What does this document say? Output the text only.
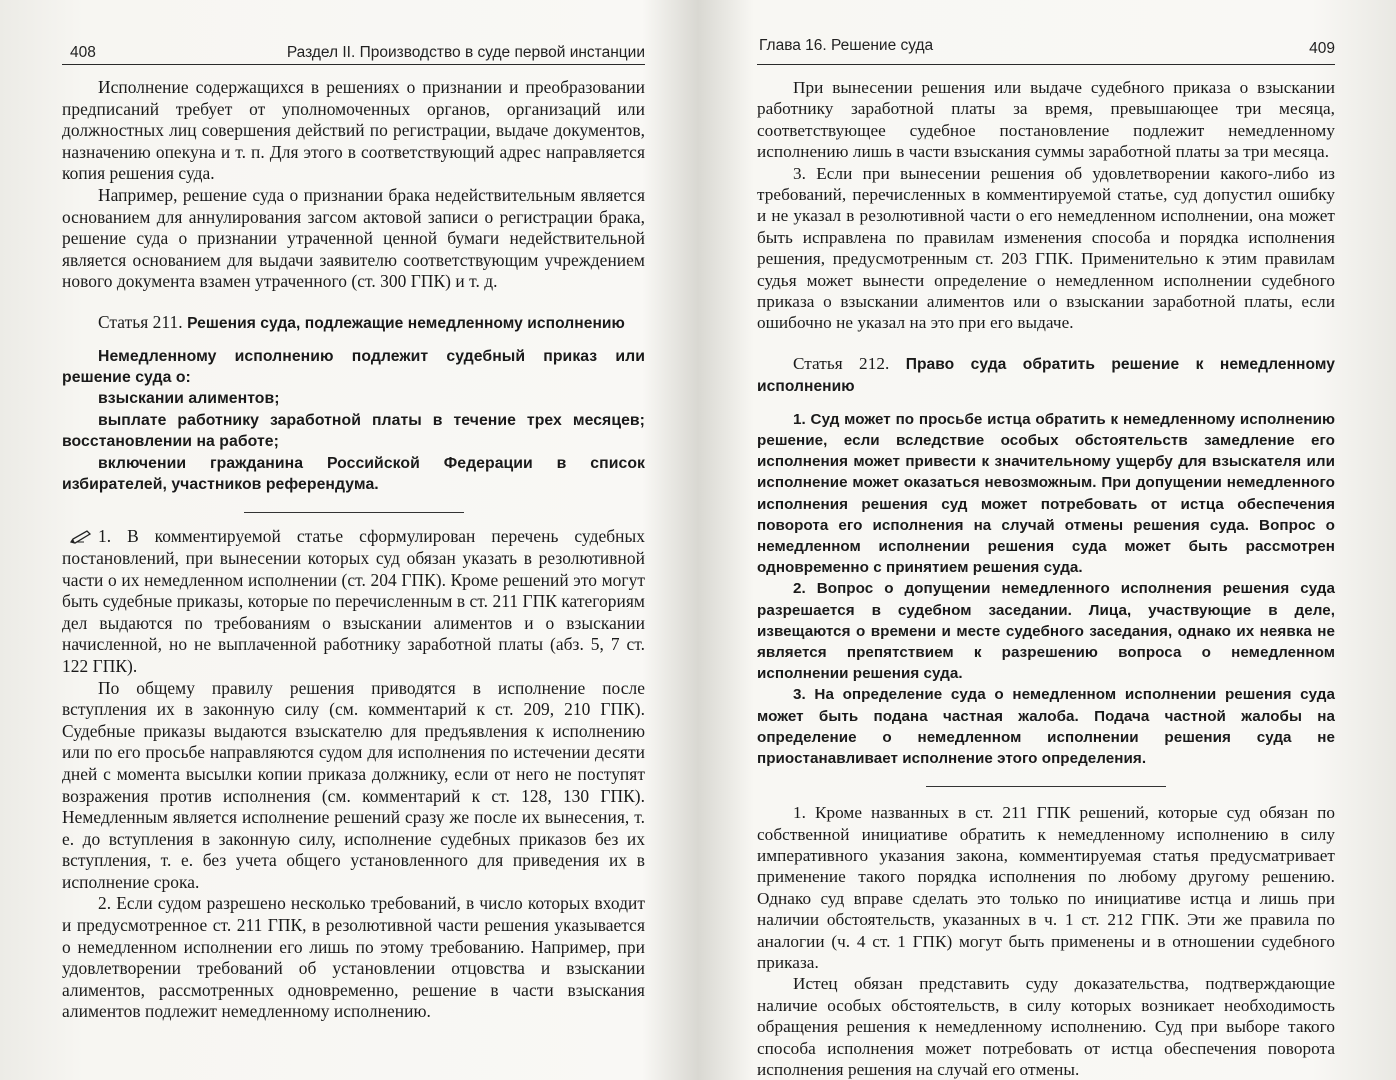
408	Раздел II. Производство в суде первой инстанции

Исполнение содержащихся в решениях о признании и преобразовании предписаний требует от уполномоченных органов, организаций или должностных лиц совершения действий по регистрации, выдаче документов, назначению опекуна и т. п. Для этого в соответствующий адрес направляется копия решения суда.

Например, решение суда о признании брака недействительным является основанием для аннулирования загсом актовой записи о регистрации брака, решение суда о признании утраченной ценной бумаги недействительной является основанием для выдачи заявителю соответствующим учреждением нового документа взамен утраченного (ст. 300 ГПК) и т. д.

Статья 211. Решения суда, подлежащие немедленному исполнению

Немедленному исполнению подлежит судебный приказ или решение суда о:

взыскании алиментов;

выплате работнику заработной платы в течение трех месяцев; восстановлении на работе;

включении гражданина Российской Федерации в список избирателей, участников референдума.

1. В комментируемой статье сформулирован перечень судебных постановлений, при вынесении которых суд обязан указать в резолютивной части о их немедленном исполнении (ст. 204 ГПК). Кроме решений это могут быть судебные приказы, которые по перечисленным в ст. 211 ГПК категориям дел выдаются по требованиям о взыскании алиментов и о взыскании начисленной, но не выплаченной работнику заработной платы (абз. 5, 7 ст. 122 ГПК).

По общему правилу решения приводятся в исполнение после вступления их в законную силу (см. комментарий к ст. 209, 210 ГПК). Судебные приказы выдаются взыскателю для предъявления к исполнению или по его просьбе направляются судом для исполнения по истечении десяти дней с момента высылки копии приказа должнику, если от него не поступят возражения против исполнения (см. комментарий к ст. 128, 130 ГПК). Немедленным является исполнение решений сразу же после их вынесения, т. е. до вступления в законную силу, исполнение судебных приказов без их вступления, т. е. без учета общего установленного для приведения их в исполнение срока.

2. Если судом разрешено несколько требований, в число которых входит и предусмотренное ст. 211 ГПК, в резолютивной части решения указывается о немедленном исполнении его лишь по этому требованию. Например, при удовлетворении требований об установлении отцовства и взыскании алиментов, рассмотренных одновременно, решение в части взыскания алиментов подлежит немедленному исполнению.

Глава 16. Решение суда	409

При вынесении решения или выдаче судебного приказа о взыскании работнику заработной платы за время, превышающее три месяца, соответствующее судебное постановление подлежит немедленному исполнению лишь в части взыскания суммы заработной платы за три месяца.

3. Если при вынесении решения об удовлетворении какого-либо из требований, перечисленных в комментируемой статье, суд допустил ошибку и не указал в резолютивной части о его немедленном исполнении, она может быть исправлена по правилам изменения способа и порядка исполнения решения, предусмотренным ст. 203 ГПК. Применительно к этим правилам судья может вынести определение о немедленном исполнении судебного приказа о взыскании алиментов или о взыскании заработной платы, если ошибочно не указал на это при его выдаче.

Статья 212. Право суда обратить решение к немедленному исполнению

1. Суд может по просьбе истца обратить к немедленному исполнению решение, если вследствие особых обстоятельств замедление его исполнения может привести к значительному ущербу для взыскателя или исполнение может оказаться невозможным. При допущении немедленного исполнения решения суд может потребовать от истца обеспечения поворота его исполнения на случай отмены решения суда. Вопрос о немедленном исполнении решения суда может быть рассмотрен одновременно с принятием решения суда.

2. Вопрос о допущении немедленного исполнения решения суда разрешается в судебном заседании. Лица, участвующие в деле, извещаются о времени и месте судебного заседания, однако их неявка не является препятствием к разрешению вопроса о немедленном исполнении решения суда.

3. На определение суда о немедленном исполнении решения суда может быть подана частная жалоба. Подача частной жалобы на определение о немедленном исполнении решения суда не приостанавливает исполнение этого определения.

1. Кроме названных в ст. 211 ГПК решений, которые суд обязан по собственной инициативе обратить к немедленному исполнению в силу императивного указания закона, комментируемая статья предусматривает применение такого порядка исполнения по любому другому решению. Однако суд вправе сделать это только по инициативе истца и лишь при наличии обстоятельств, указанных в ч. 1 ст. 212 ГПК. Эти же правила по аналогии (ч. 4 ст. 1 ГПК) могут быть применены и в отношении судебного приказа.

Истец обязан представить суду доказательства, подтверждающие наличие особых обстоятельств, в силу которых возникает необходимость обращения решения к немедленному исполнению. Суд при выборе такого способа исполнения может потребовать от истца обеспечения поворота исполнения решения на случай его отмены.
